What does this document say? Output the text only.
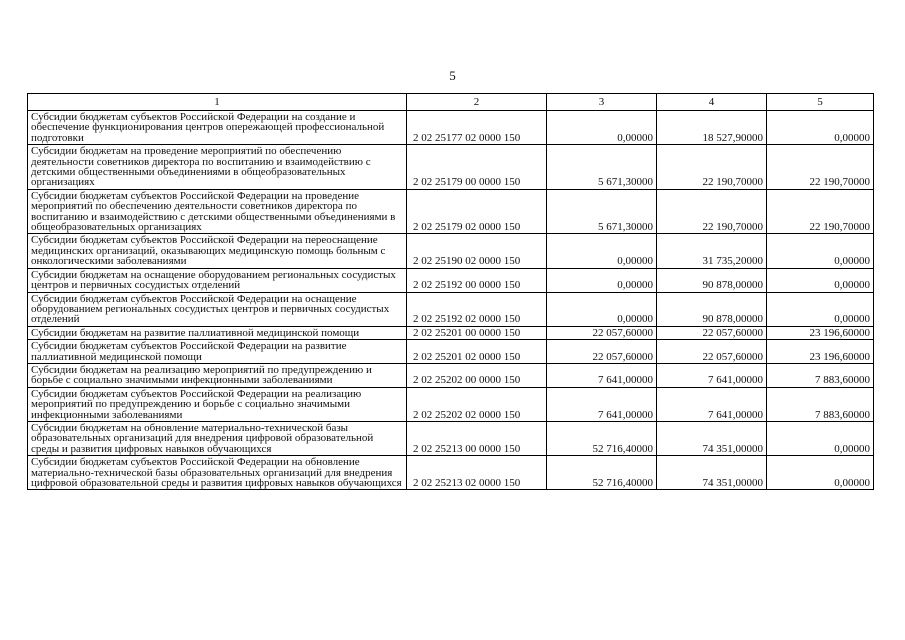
5
1	2	3	4	5
Субсидии бюджетам субъектов Российской Федерации на создание и обеспечение функционирования центров опережающей профессиональной подготовки	2 02 25177 02 0000 150	0,00000	18 527,90000	0,00000
Субсидии бюджетам на проведение мероприятий по обеспечению деятельности советников директора по воспитанию и взаимодействию с детскими общественными объединениями в общеобразовательных организациях	2 02 25179 00 0000 150	5 671,30000	22 190,70000	22 190,70000
Субсидии бюджетам субъектов Российской Федерации на проведение мероприятий по обеспечению деятельности советников директора по воспитанию и взаимодействию с детскими общественными объединениями в общеобразовательных организациях	2 02 25179 02 0000 150	5 671,30000	22 190,70000	22 190,70000
Субсидии бюджетам субъектов Российской Федерации на переоснащение медицинских организаций, оказывающих медицинскую помощь больным с онкологическими заболеваниями	2 02 25190 02 0000 150	0,00000	31 735,20000	0,00000
Субсидии бюджетам на оснащение оборудованием региональных сосудистых центров и первичных сосудистых отделений	2 02 25192 00 0000 150	0,00000	90 878,00000	0,00000
Субсидии бюджетам субъектов Российской Федерации на оснащение оборудованием региональных сосудистых центров и первичных сосудистых отделений	2 02 25192 02 0000 150	0,00000	90 878,00000	0,00000
Субсидии бюджетам на развитие паллиативной медицинской помощи	2 02 25201 00 0000 150	22 057,60000	22 057,60000	23 196,60000
Субсидии бюджетам субъектов Российской Федерации на развитие паллиативной медицинской помощи	2 02 25201 02 0000 150	22 057,60000	22 057,60000	23 196,60000
Субсидии бюджетам на реализацию мероприятий по предупреждению и борьбе с социально значимыми инфекционными заболеваниями	2 02 25202 00 0000 150	7 641,00000	7 641,00000	7 883,60000
Субсидии бюджетам субъектов Российской Федерации на реализацию мероприятий по предупреждению и борьбе с социально значимыми инфекционными заболеваниями	2 02 25202 02 0000 150	7 641,00000	7 641,00000	7 883,60000
Субсидии бюджетам на обновление материально-технической базы образовательных организаций для внедрения цифровой образовательной среды и развития цифровых навыков обучающихся	2 02 25213 00 0000 150	52 716,40000	74 351,00000	0,00000
Субсидии бюджетам субъектов Российской Федерации на обновление материально-технической базы образовательных организаций для внедрения цифровой образовательной среды и развития цифровых навыков обучающихся	2 02 25213 02 0000 150	52 716,40000	74 351,00000	0,00000
